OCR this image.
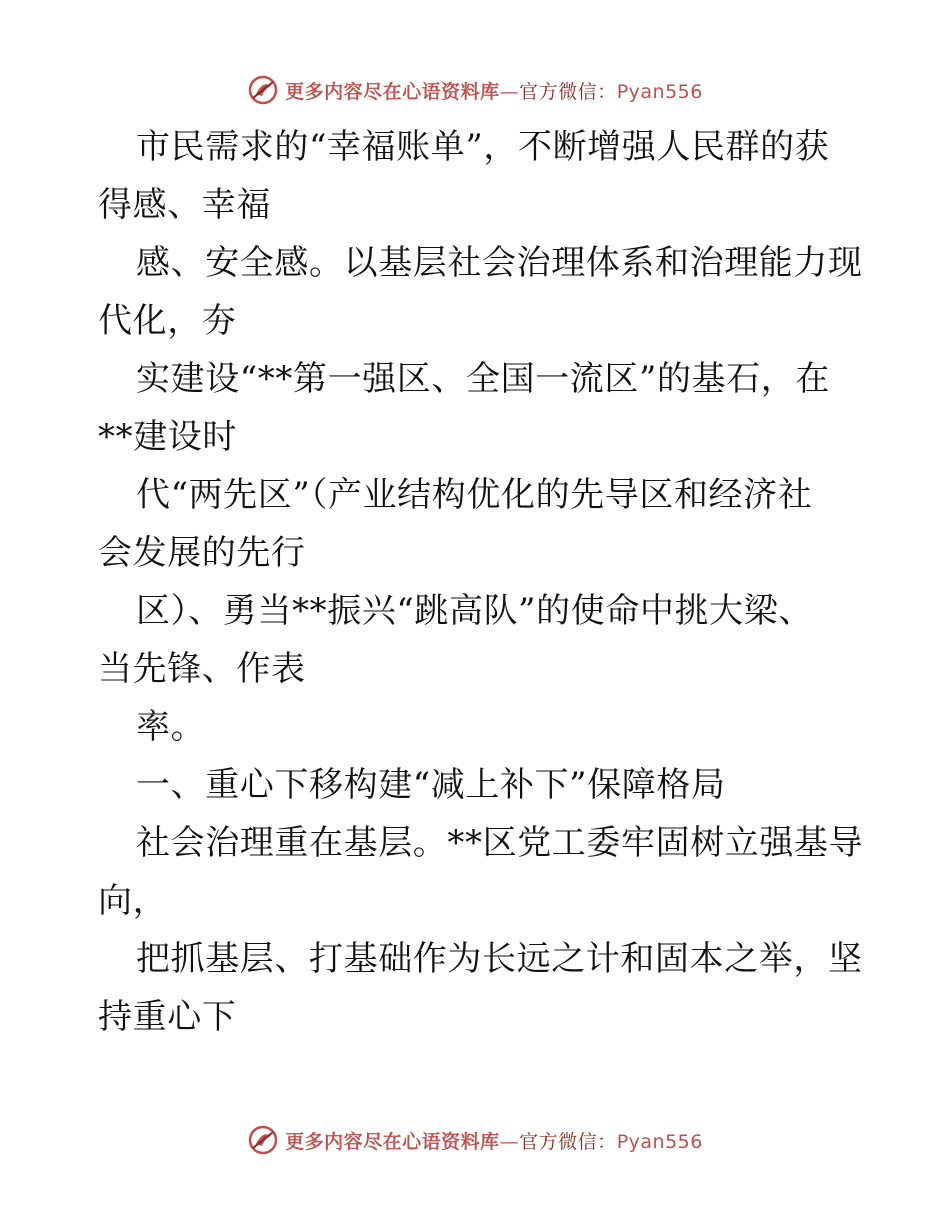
更多内容尽在心语资料库—官方微信：Pyan556
市民需求的“幸福账单”，不断增强人民群的获
得感、幸福
感、安全感。以基层社会治理体系和治理能力现
代化，夯
实建设“**第一强区、全国一流区”的基石，在
**建设时
代“两先区”（产业结构优化的先导区和经济社
会发展的先行
区）、勇当**振兴“跳高队”的使命中挑大梁、
当先锋、作表
率。
一、重心下移构建“减上补下”保障格局
社会治理重在基层。**区党工委牢固树立强基导
向，
把抓基层、打基础作为长远之计和固本之举，坚
持重心下
更多内容尽在心语资料库—官方微信：Pyan556
